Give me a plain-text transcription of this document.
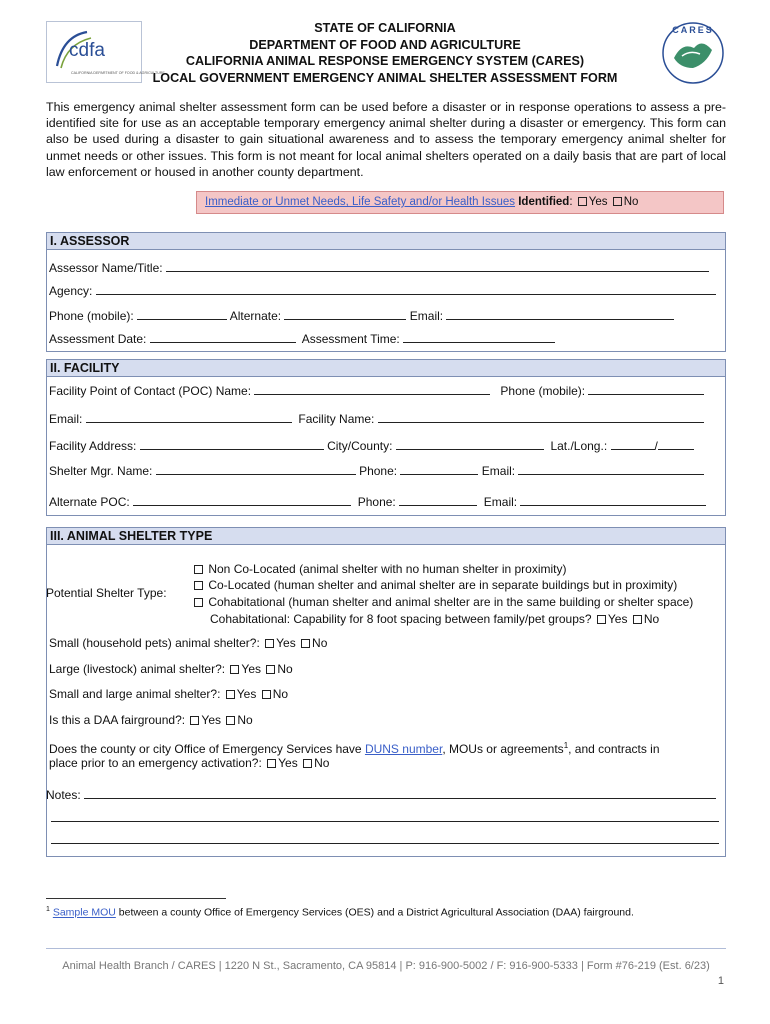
cdfa
CALIFORNIA DEPARTMENT OF FOOD & AGRICULTURE
STATE OF CALIFORNIA
DEPARTMENT OF FOOD AND AGRICULTURE
CALIFORNIA ANIMAL RESPONSE EMERGENCY SYSTEM (CARES)
LOCAL GOVERNMENT EMERGENCY ANIMAL SHELTER ASSESSMENT FORM
CARES
This emergency animal shelter assessment form can be used before a disaster or in response operations to assess a pre-identified site for use as an acceptable temporary emergency animal shelter during a disaster or emergency. This form can also be used during a disaster to gain situational awareness and to assess the temporary emergency animal shelter for unmet needs or other issues. This form is not meant for local animal shelters operated on a daily basis that are part of local law enforcement or housed in another county department.
Immediate or Unmet Needs, Life Safety and/or Health Issues Identified: Yes No
I. ASSESSOR
Assessor Name/Title:
Agency:
Phone (mobile):	Alternate:	Email:
Assessment Date:	Assessment Time:
II. FACILITY
Facility Point of Contact (POC) Name:	Phone (mobile):
Email:	Facility Name:
Facility Address:	City/County:	Lat./Long.:	/
Shelter Mgr. Name:	Phone:	Email:
Alternate POC:	Phone:	Email:
III. ANIMAL SHELTER TYPE
Potential Shelter Type:
Non Co-Located (animal shelter with no human shelter in proximity)
Co-Located (human shelter and animal shelter are in separate buildings but in proximity)
Cohabitational (human shelter and animal shelter are in the same building or shelter space)
Cohabitational: Capability for 8 foot spacing between family/pet groups? Yes No
Small (household pets) animal shelter?: Yes No
Large (livestock) animal shelter?: Yes No
Small and large animal shelter?: Yes No
Is this a DAA fairground?: Yes No
Does the county or city Office of Emergency Services have DUNS number, MOUs or agreements$^1$, and contracts in
place prior to an emergency activation?: Yes No
Notes:
$^1$ Sample MOU between a county Office of Emergency Services (OES) and a District Agricultural Association (DAA) fairground.
Animal Health Branch / CARES | 1220 N St., Sacramento, CA 95814 | P: 916-900-5002 / F: 916-900-5333 | Form #76-219 (Est. 6/23)
1
